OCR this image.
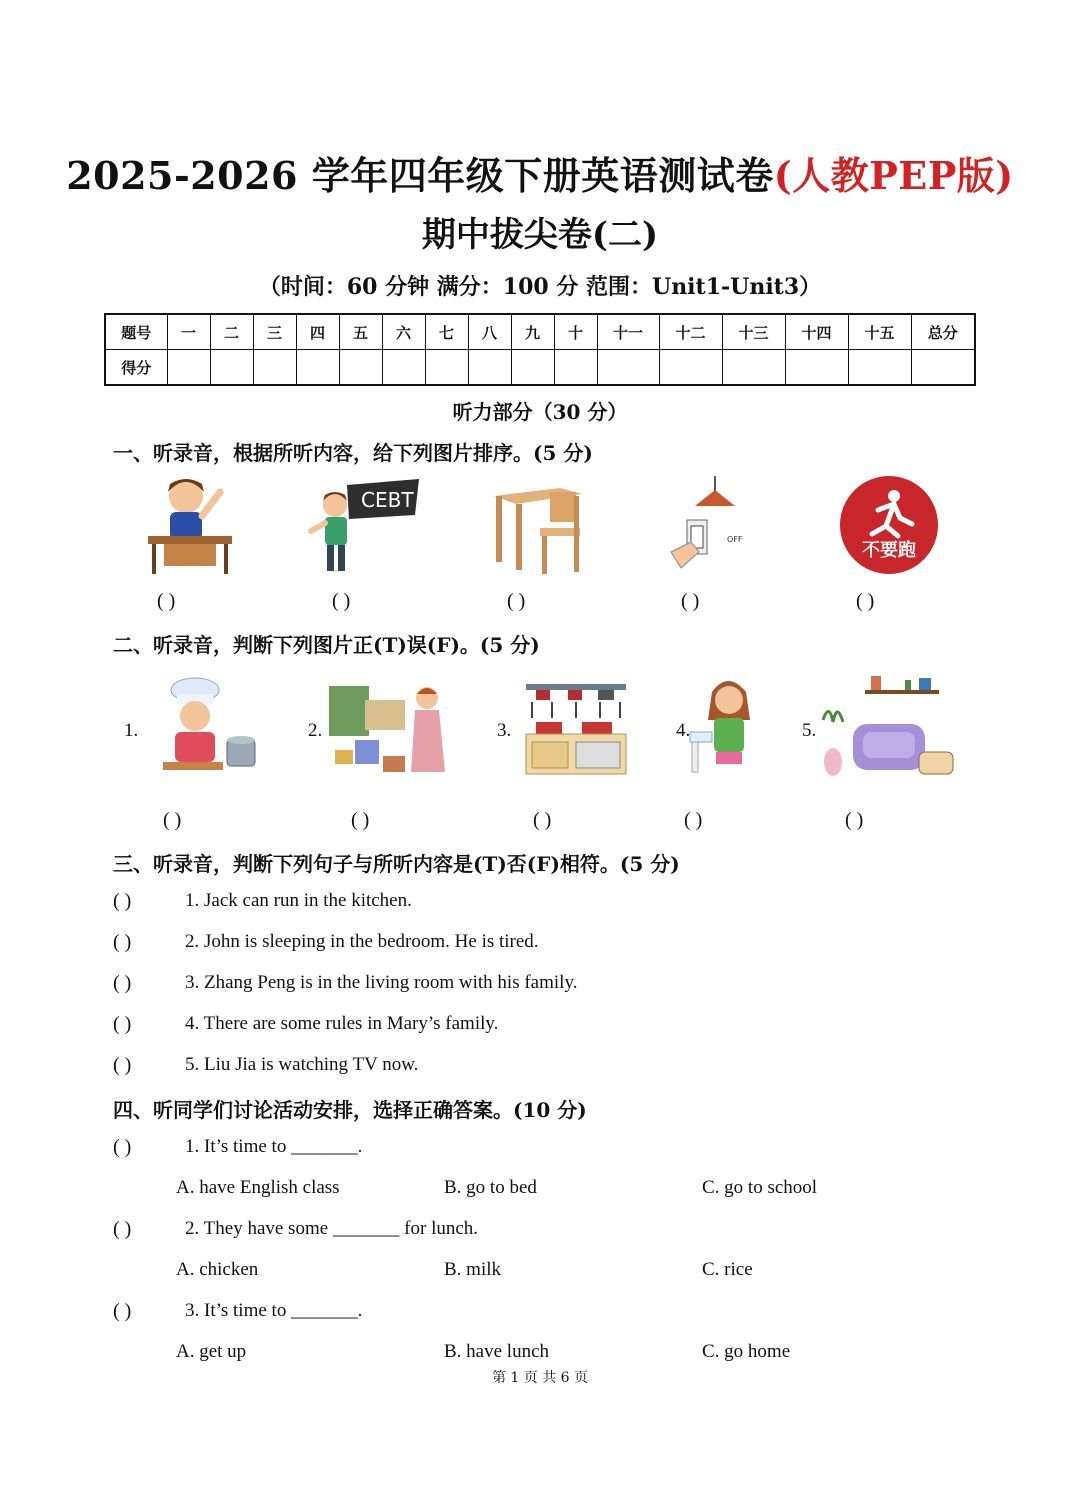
2025-2026 学年四年级下册英语测试卷(人教PEP版)
期中拔尖卷(二)
（时间：60 分钟 满分：100 分 范围：Unit1-Unit3）
题号	一	二	三	四	五	六	七	八	九	十	十一	十二	十三	十四	十五	总分
得分																
听力部分（30 分）
一、听录音，根据所听内容，给下列图片排序。(5 分)
CEBT
OFF
不要跑
( )	( )	( )	( )	( )
二、听录音，判断下列图片正(T)误(F)。(5 分)
1.	2.	3.	4.	5.
( )	( )	( )	( )	( )
三、听录音，判断下列句子与所听内容是(T)否(F)相符。(5 分)
( )	1. Jack can run in the kitchen.
( )	2. John is sleeping in the bedroom. He is tired.
( )	3. Zhang Peng is in the living room with his family.
( )	4. There are some rules in Mary’s family.
( )	5. Liu Jia is watching TV now.
四、听同学们讨论活动安排，选择正确答案。(10 分)
( )	1. It’s time to _______.
A. have English class	B. go to bed	C. go to school
( )	2. They have some _______ for lunch.
A. chicken	B. milk	C. rice
( )	3. It’s time to _______.
A. get up	B. have lunch	C. go home
第 1 页 共 6 页
